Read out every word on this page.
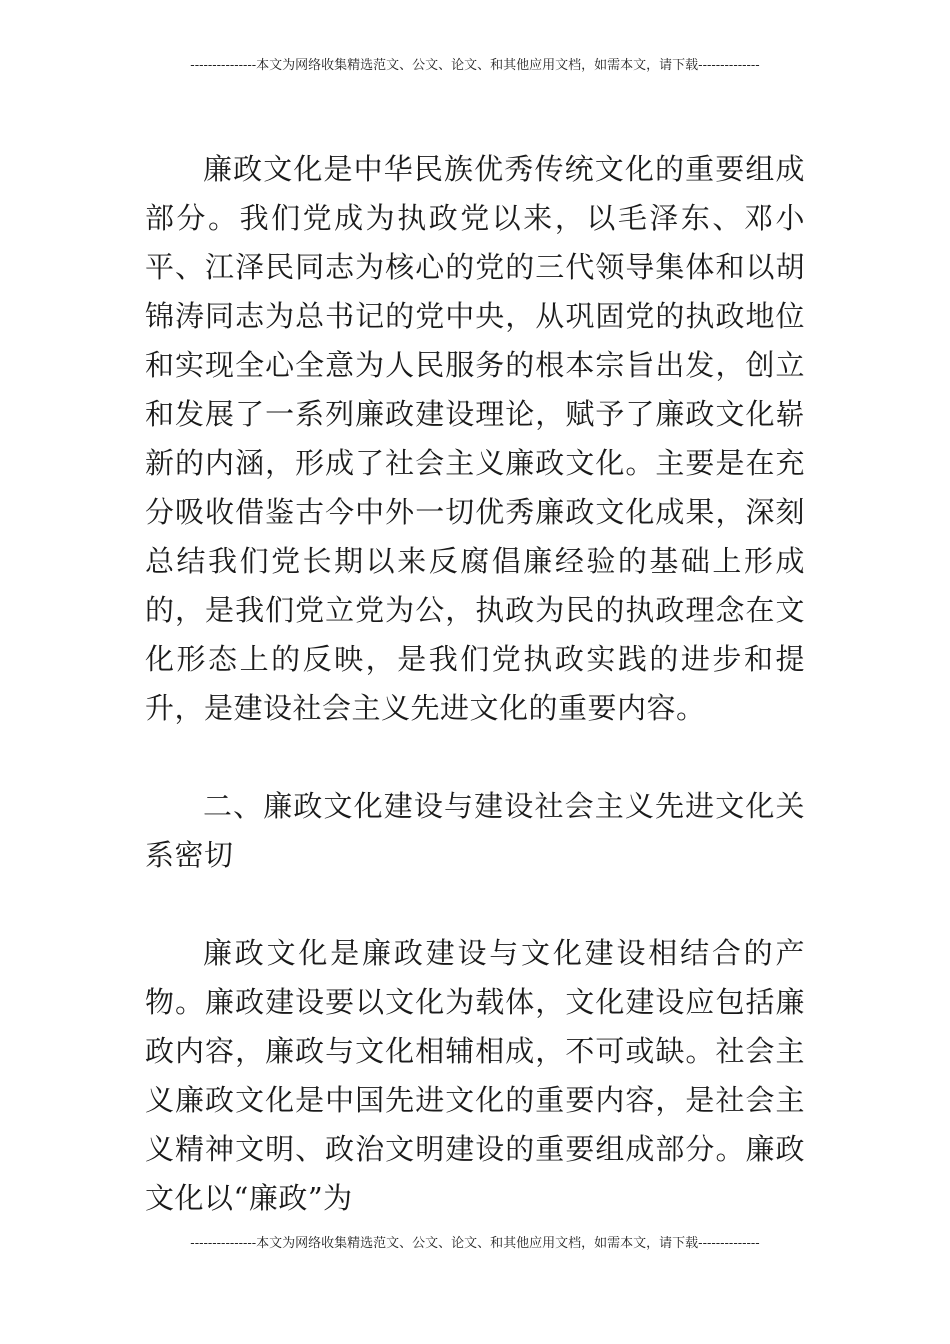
---------------本文为网络收集精选范文、公文、论文、和其他应用文档，如需本文，请下载--------------

廉政文化是中华民族优秀传统文化的重要组成部分。我们党成为执政党以来，以毛泽东、邓小平、江泽民同志为核心的党的三代领导集体和以胡锦涛同志为总书记的党中央，从巩固党的执政地位和实现全心全意为人民服务的根本宗旨出发，创立和发展了一系列廉政建设理论，赋予了廉政文化崭新的内涵，形成了社会主义廉政文化。主要是在充分吸收借鉴古今中外一切优秀廉政文化成果，深刻总结我们党长期以来反腐倡廉经验的基础上形成的，是我们党立党为公，执政为民的执政理念在文化形态上的反映，是我们党执政实践的进步和提升，是建设社会主义先进文化的重要内容。

二、廉政文化建设与建设社会主义先进文化关系密切

廉政文化是廉政建设与文化建设相结合的产物。廉政建设要以文化为载体，文化建设应包括廉政内容，廉政与文化相辅相成，不可或缺。社会主义廉政文化是中国先进文化的重要内容，是社会主义精神文明、政治文明建设的重要组成部分。廉政文化以“廉政”为

---------------本文为网络收集精选范文、公文、论文、和其他应用文档，如需本文，请下载--------------
